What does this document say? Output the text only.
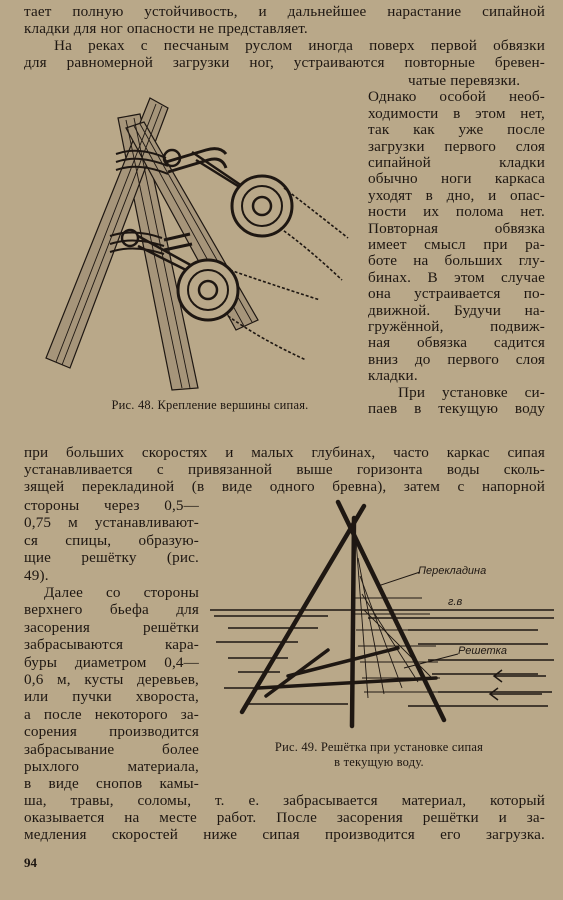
тает полную устойчивость, и дальнейшее нарастание сипайной
кладки для ног опасности не представляет.
На реках с песчаным руслом иногда поверх первой обвязки
для равномерной загрузки ног, устраиваются повторные бревен-
чатые перевязки.
Однако особой необ-
ходимости в этом нет,
так как уже после
загрузки первого слоя
сипайной кладки
обычно ноги каркаса
уходят в дно, и опас-
ности их полома нет.
Повторная обвязка
имеет смысл при ра-
боте на больших глу-
бинах. В этом случае
она устраивается по-
движной. Будучи на-
гружённой, подвиж-
ная обвязка садится
вниз до первого слоя
кладки.
При установке си-
паев в текущую воду
при больших скоростях и малых глубинах, часто каркас сипая
устанавливается с привязанной выше горизонта воды сколь-
зящей перекладиной (в виде одного бревна), затем с напорной
стороны через 0,5—
0,75 м устанавливают-
ся спицы, образую-
щие решётку (рис.
49).
Далее со стороны
верхнего бьефа для
засорения решётки
забрасываются кара-
буры диаметром 0,4—
0,6 м, кусты деревьев,
или пучки хвороста,
а после некоторого за-
сорения производится
забрасывание более
рыхлого материала,
в виде снопов камы-
ша, травы, соломы, т. е. забрасывается материал, который
оказывается на месте работ. После засорения решётки и за-
медления скоростей ниже сипая производится его загрузка.
Рис. 48. Крепление вершины сипая.
Перекладина
г.в
Решетка
Рис. 49. Решётка при установке сипая
в текущую воду.
94
